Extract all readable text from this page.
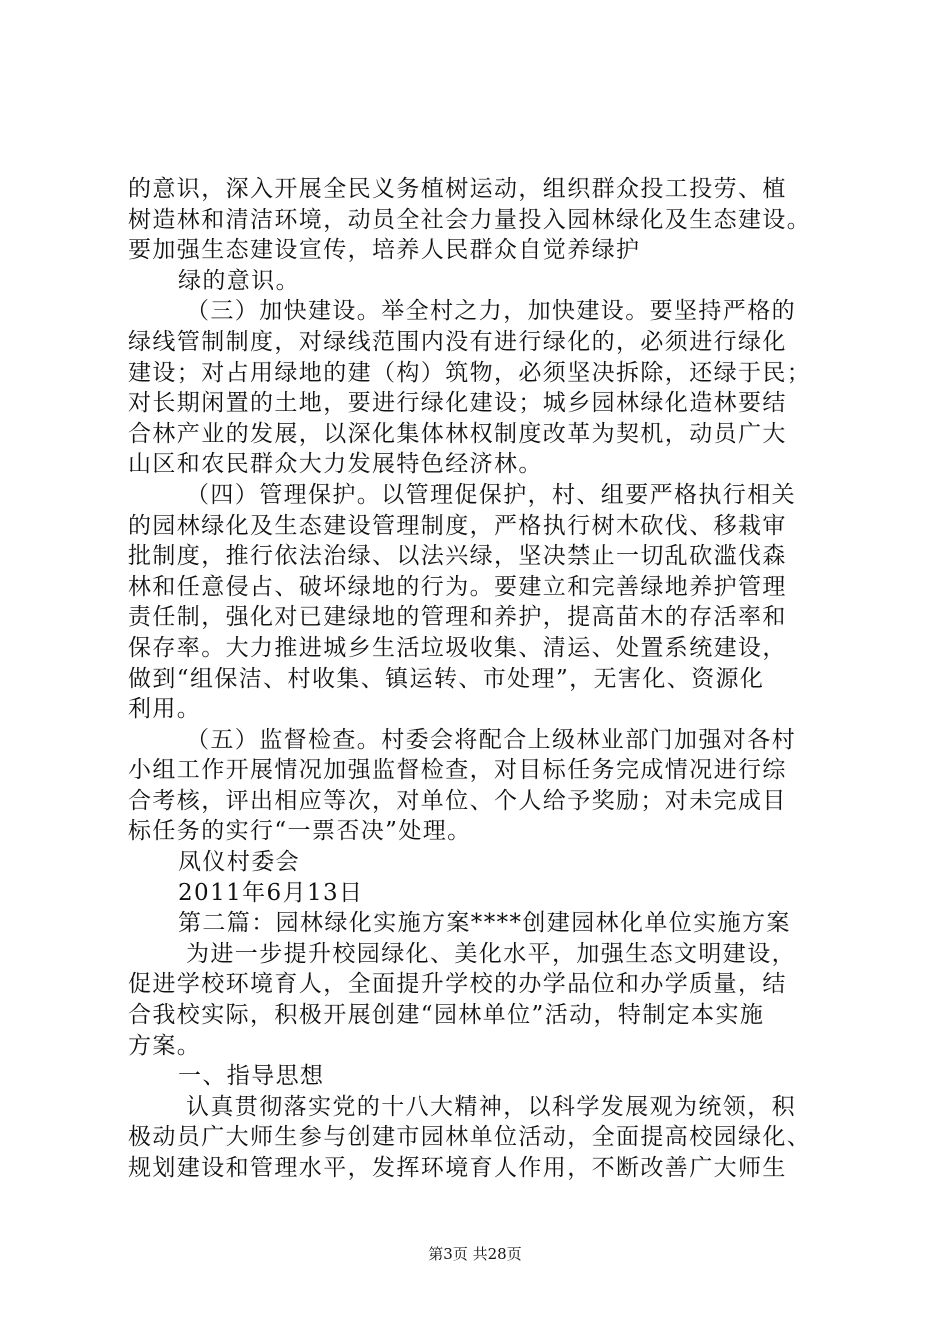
的意识，深入开展全民义务植树运动，组织群众投工投劳、植
树造林和清洁环境，动员全社会力量投入园林绿化及生态建设。
要加强生态建设宣传，培养人民群众自觉养绿护
绿的意识。
（三）加快建设。举全村之力，加快建设。要坚持严格的
绿线管制制度，对绿线范围内没有进行绿化的，必须进行绿化
建设；对占用绿地的建（构）筑物，必须坚决拆除，还绿于民；
对长期闲置的土地，要进行绿化建设；城乡园林绿化造林要结
合林产业的发展，以深化集体林权制度改革为契机，动员广大
山区和农民群众大力发展特色经济林。
（四）管理保护。以管理促保护，村、组要严格执行相关
的园林绿化及生态建设管理制度，严格执行树木砍伐、移栽审
批制度，推行依法治绿、以法兴绿，坚决禁止一切乱砍滥伐森
林和任意侵占、破坏绿地的行为。要建立和完善绿地养护管理
责任制，强化对已建绿地的管理和养护，提高苗木的存活率和
保存率。大力推进城乡生活垃圾收集、清运、处置系统建设，
做到“组保洁、村收集、镇运转、市处理”，无害化、资源化
利用。
（五）监督检查。村委会将配合上级林业部门加强对各村
小组工作开展情况加强监督检查，对目标任务完成情况进行综
合考核，评出相应等次，对单位、个人给予奖励；对未完成目
标任务的实行“一票否决”处理。
凤仪村委会
2011年6月13日
第二篇：园林绿化实施方案****创建园林化单位实施方案
为进一步提升校园绿化、美化水平，加强生态文明建设，
促进学校环境育人，全面提升学校的办学品位和办学质量，结
合我校实际，积极开展创建“园林单位”活动，特制定本实施
方案。
一、指导思想
认真贯彻落实党的十八大精神，以科学发展观为统领，积
极动员广大师生参与创建市园林单位活动，全面提高校园绿化、
规划建设和管理水平，发挥环境育人作用，不断改善广大师生
第3页 共28页
